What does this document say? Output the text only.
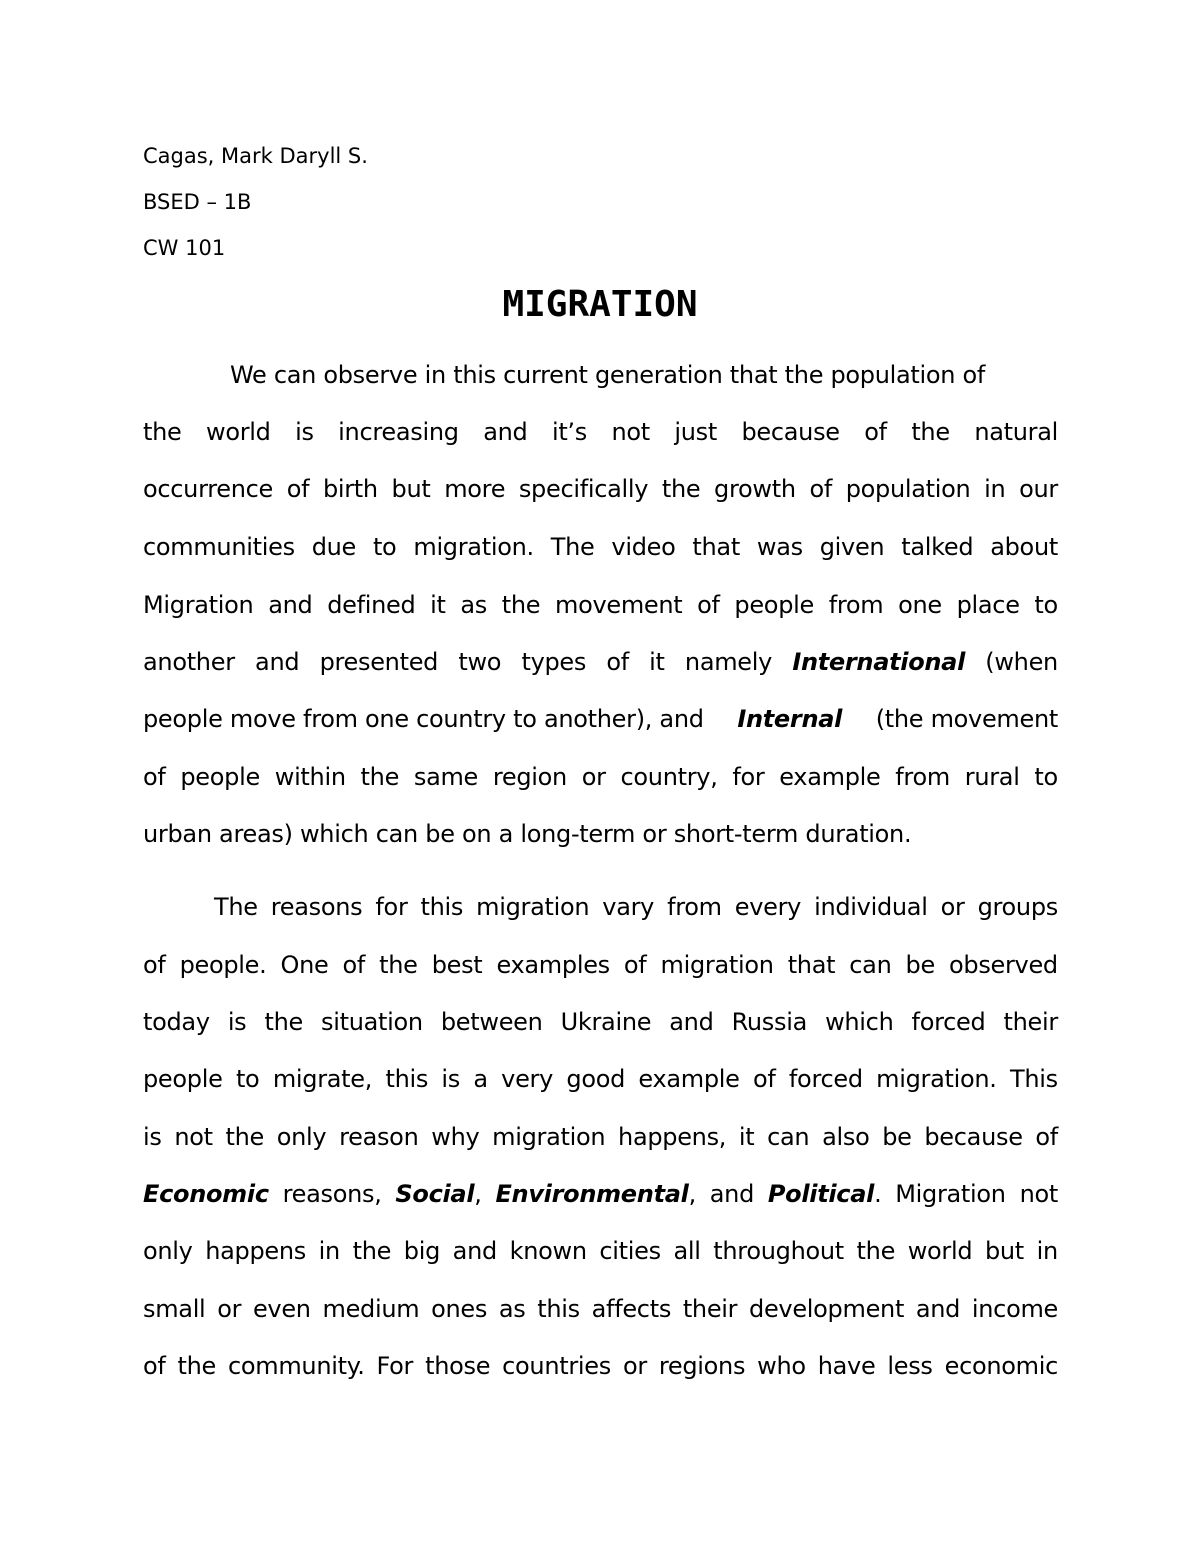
Cagas, Mark Daryll S.
BSED – 1B
CW 101
MIGRATION
We can observe in this current generation that the population of
the world is increasing and it’s not just because of the natural
occurrence of birth but more specifically the growth of population in our
communities due to migration. The video that was given talked about
Migration and defined it as the movement of people from one place to
another and presented two types of it namely International (when
people move from one country to another), and Internal (the movement
of people within the same region or country, for example from rural to
urban areas) which can be on a long-term or short-term duration.
The reasons for this migration vary from every individual or groups
of people. One of the best examples of migration that can be observed
today is the situation between Ukraine and Russia which forced their
people to migrate, this is a very good example of forced migration. This
is not the only reason why migration happens, it can also be because of
Economic reasons, Social, Environmental, and Political. Migration not
only happens in the big and known cities all throughout the world but in
small or even medium ones as this affects their development and income
of the community. For those countries or regions who have less economic
